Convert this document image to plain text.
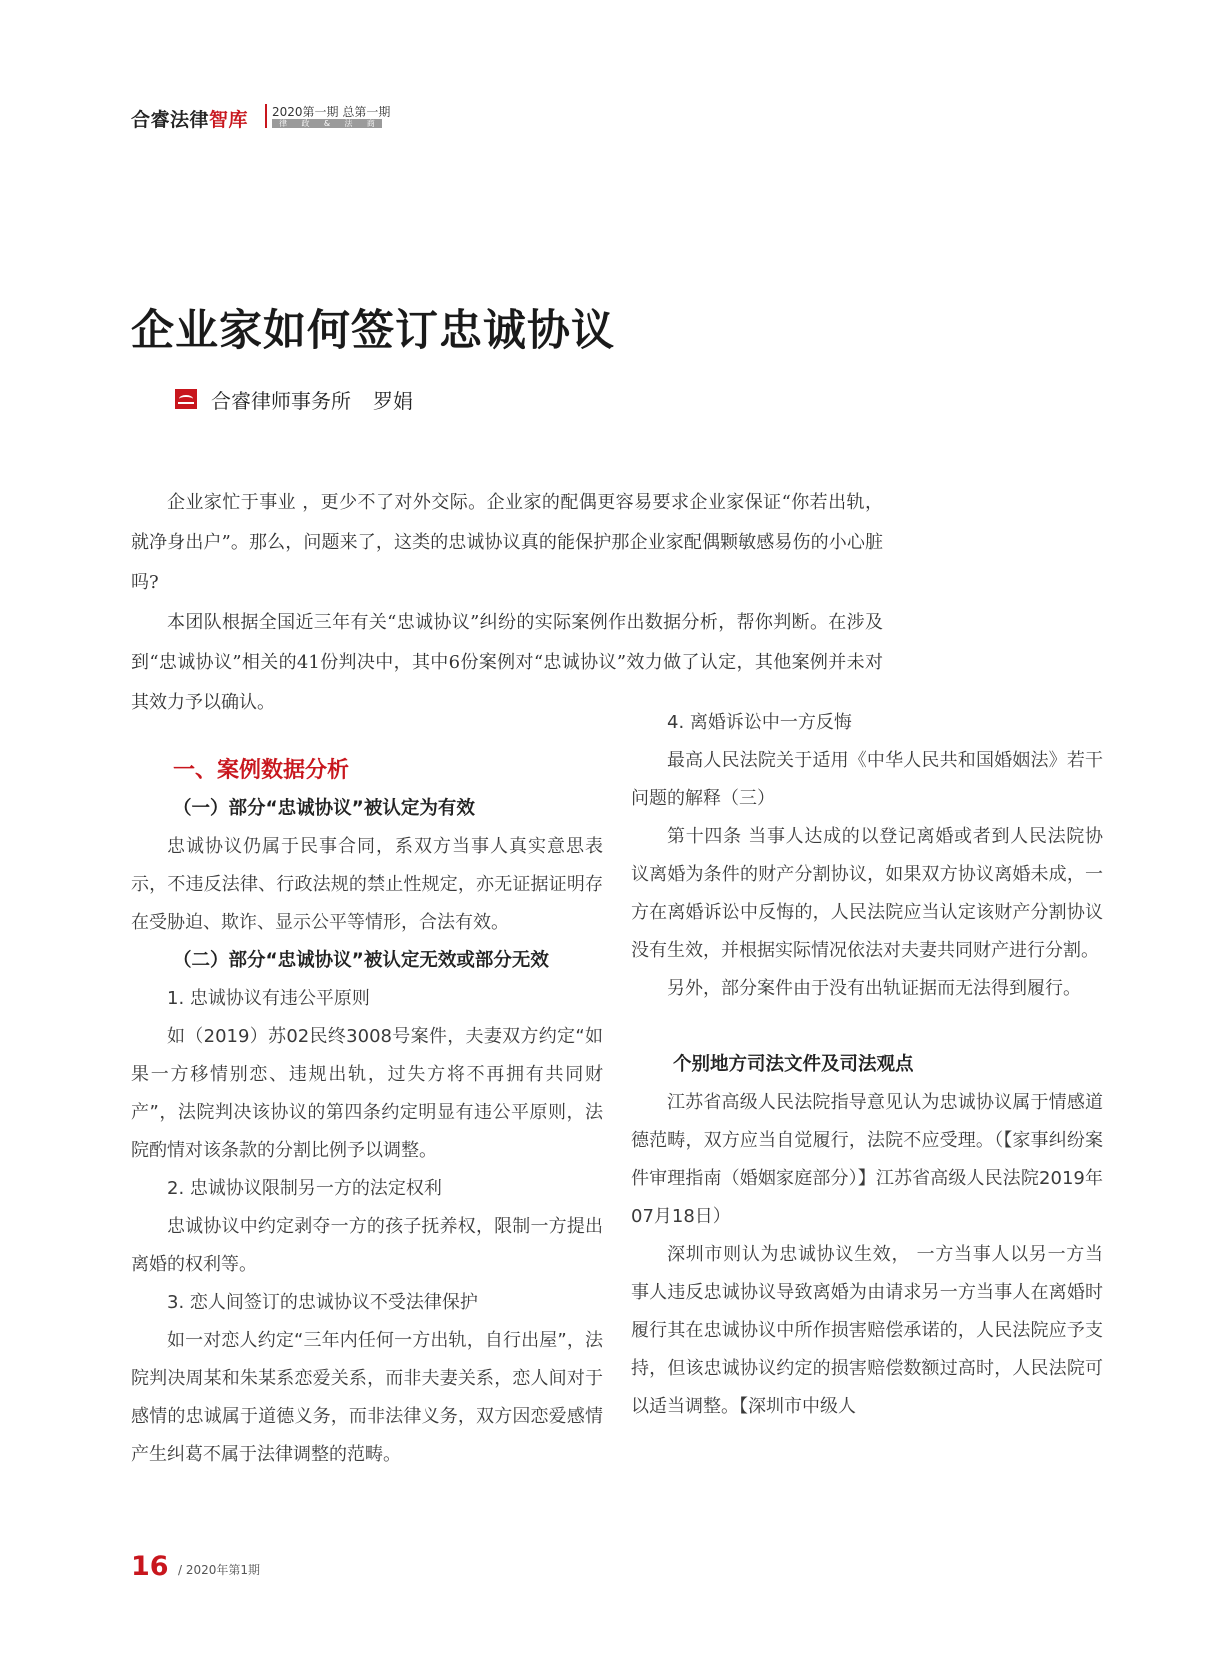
合睿法律智库 2020第一期 总第一期
律 政 & 法 商
企业家如何签订忠诚协议
合睿律师事务所 罗娟

企业家忙于事业 ，更少不了对外交际。企业家的配偶更容易要求企业家保证“你若出轨，就净身出户”。那么，问题来了，这类的忠诚协议真的能保护那企业家配偶颗敏感易伤的小心脏吗?

本团队根据全国近三年有关“忠诚协议”纠纷的实际案例作出数据分析，帮你判断。在涉及到“忠诚协议”相关的41份判决中，其中6份案例对“忠诚协议”效力做了认定，其他案例并未对其效力予以确认。

一、案例数据分析

（一）部分“忠诚协议”被认定为有效

忠诚协议仍属于民事合同，系双方当事人真实意思表示，不违反法律、行政法规的禁止性规定，亦无证据证明存在受胁迫、欺诈、显示公平等情形，合法有效。

（二）部分“忠诚协议”被认定无效或部分无效

1. 忠诚协议有违公平原则

如（2019）苏02民终3008号案件，夫妻双方约定“如果一方移情别恋、违规出轨，过失方将不再拥有共同财产”，法院判决该协议的第四条约定明显有违公平原则，法院酌情对该条款的分割比例予以调整。

2. 忠诚协议限制另一方的法定权利

忠诚协议中约定剥夺一方的孩子抚养权，限制一方提出离婚的权利等。

3. 恋人间签订的忠诚协议不受法律保护

如一对恋人约定“三年内任何一方出轨，自行出屋”，法院判决周某和朱某系恋爱关系，而非夫妻关系，恋人间对于感情的忠诚属于道德义务，而非法律义务，双方因恋爱感情产生纠葛不属于法律调整的范畴。

4. 离婚诉讼中一方反悔

最高人民法院关于适用《中华人民共和国婚姻法》若干问题的解释（三）

第十四条 当事人达成的以登记离婚或者到人民法院协议离婚为条件的财产分割协议，如果双方协议离婚未成，一方在离婚诉讼中反悔的，人民法院应当认定该财产分割协议没有生效，并根据实际情况依法对夫妻共同财产进行分割。

另外，部分案件由于没有出轨证据而无法得到履行。

个别地方司法文件及司法观点

江苏省高级人民法院指导意见认为忠诚协议属于情感道德范畴，双方应当自觉履行，法院不应受理。（【家事纠纷案件审理指南（婚姻家庭部分）】江苏省高级人民法院2019年07月18日）

深圳市则认为忠诚协议生效， 一方当事人以另一方当事人违反忠诚协议导致离婚为由请求另一方当事人在离婚时履行其在忠诚协议中所作损害赔偿承诺的，人民法院应予支持，但该忠诚协议约定的损害赔偿数额过高时，人民法院可以适当调整。【深圳市中级人

16 / 2020年第1期
